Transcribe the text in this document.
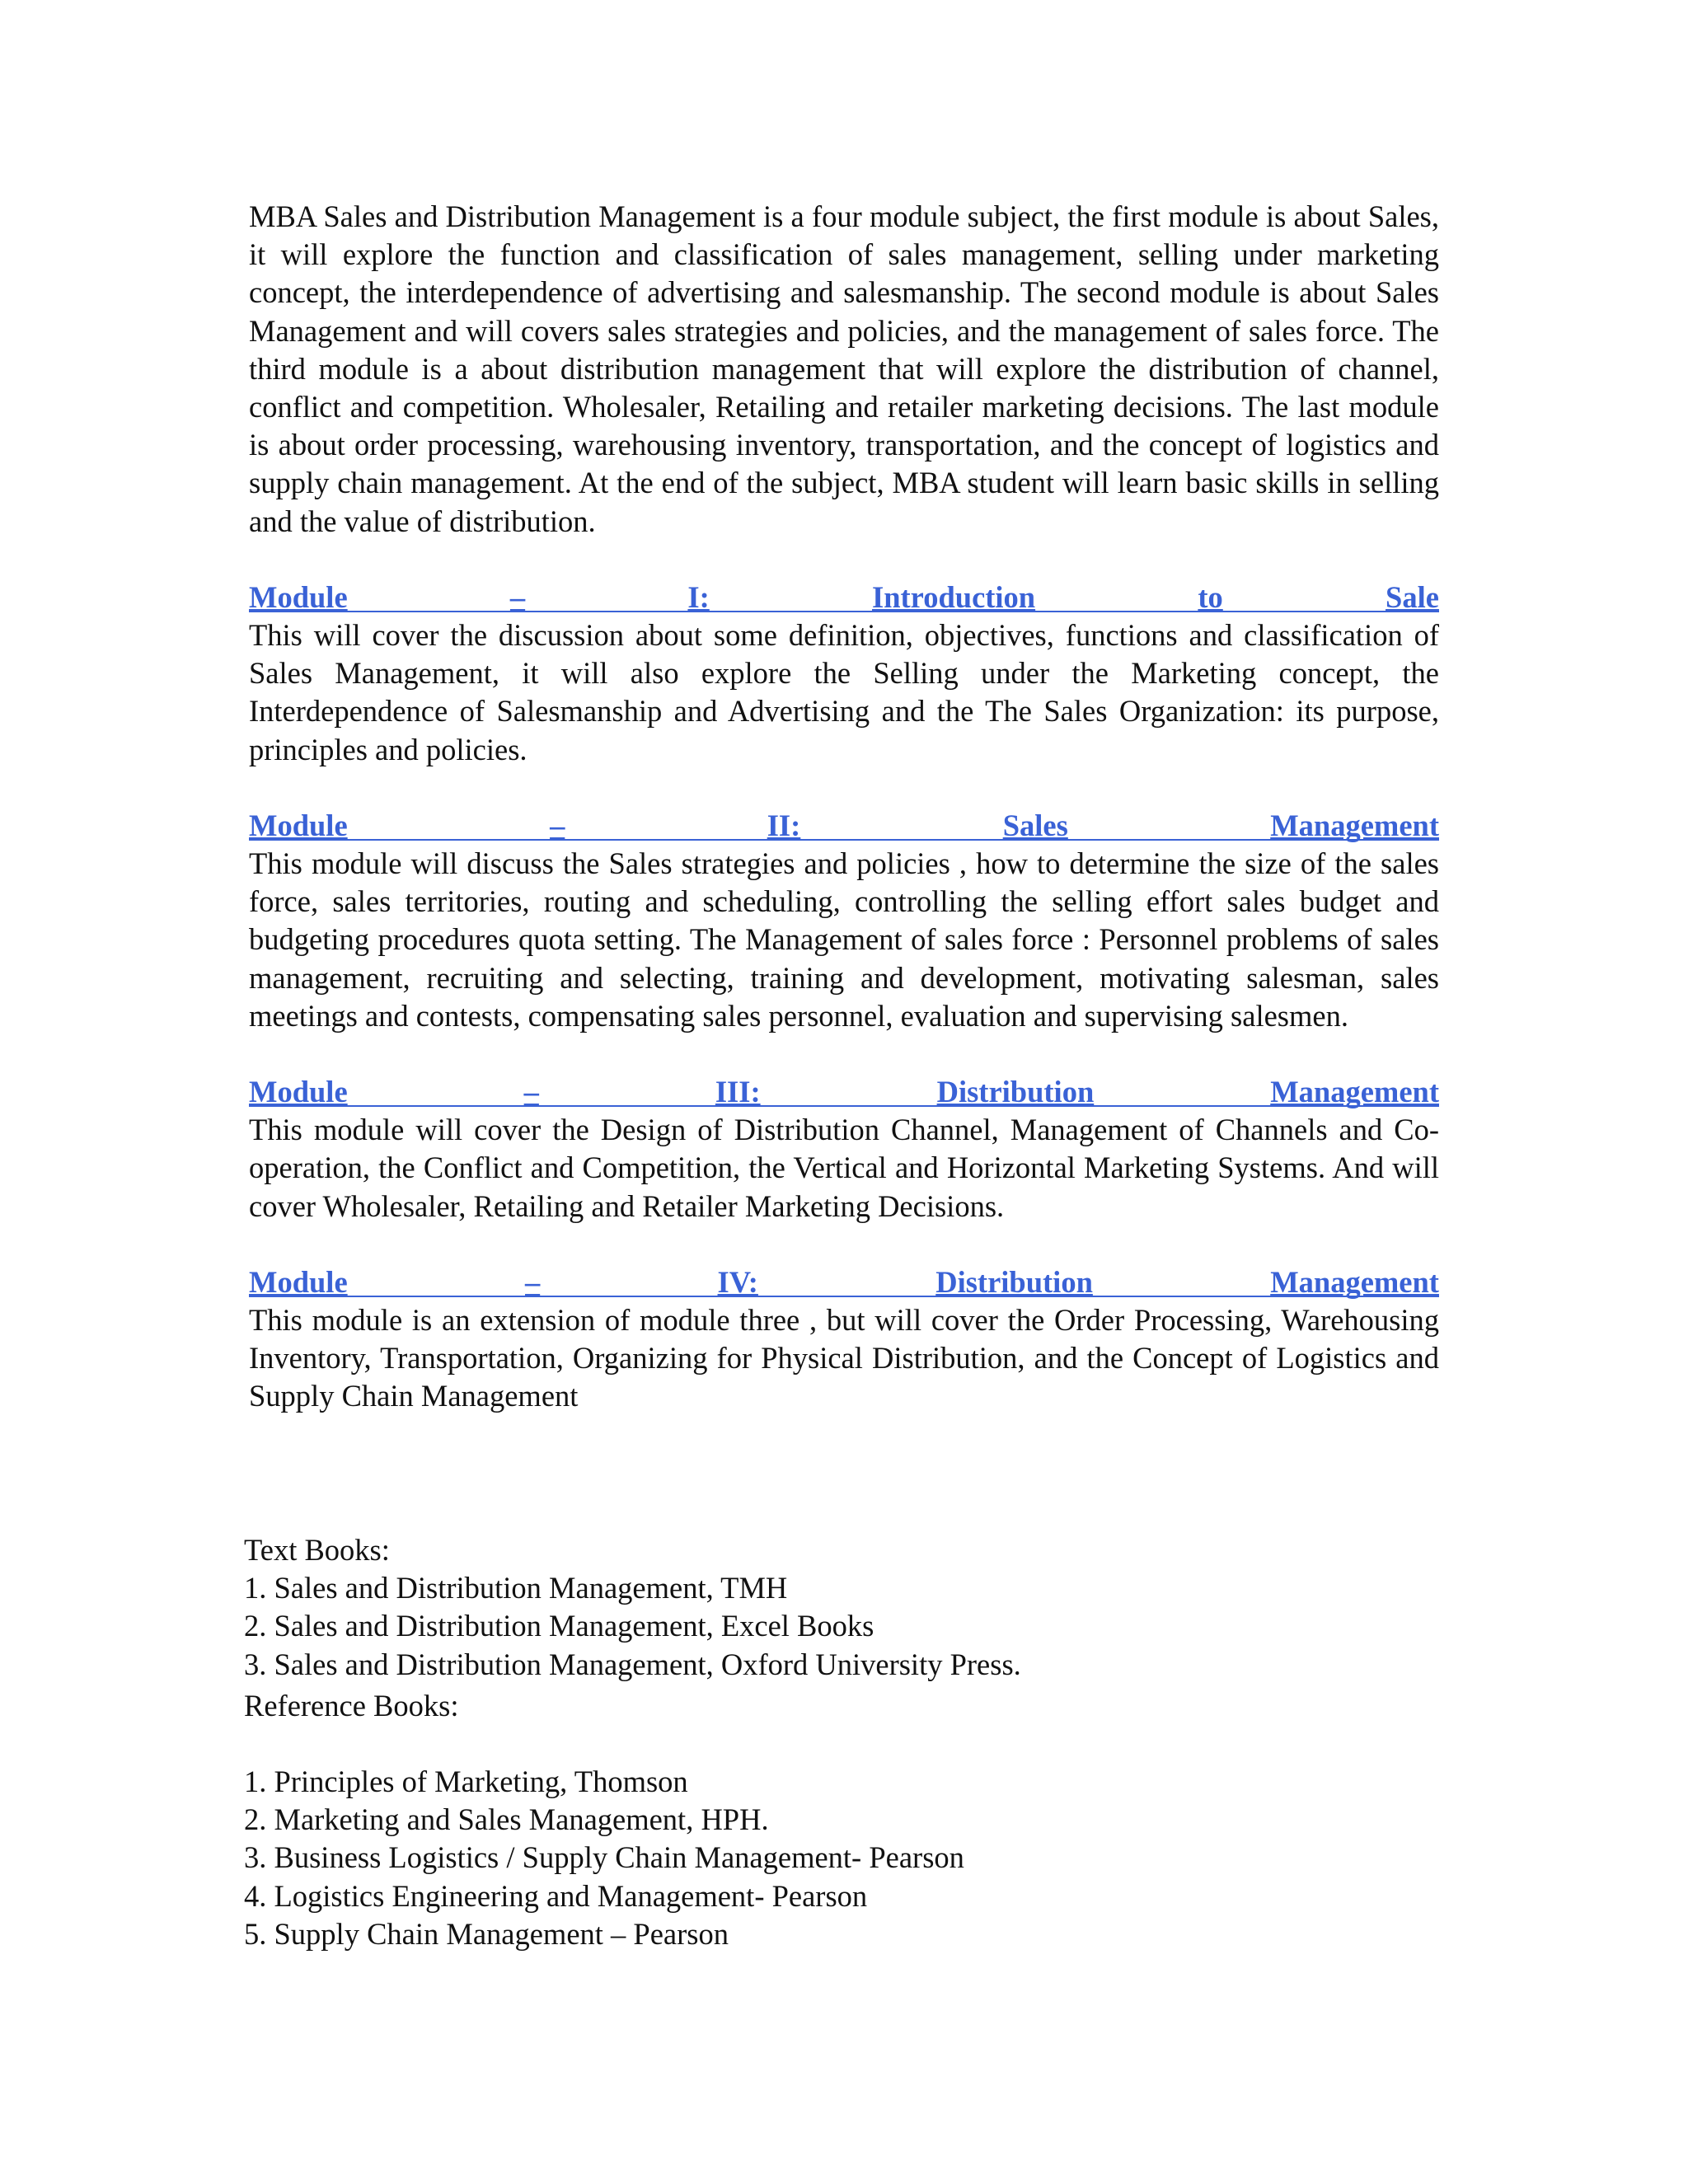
MBA Sales and Distribution Management is a four module subject, the first module is about Sales, it will explore the function and classification of sales management, selling under marketing concept, the interdependence of advertising and salesmanship. The second module is about Sales Management and will covers sales strategies and policies, and the management of sales force. The third module is a about distribution management that will explore the distribution of channel, conflict and competition. Wholesaler, Retailing and retailer marketing decisions. The last module is about order processing, warehousing inventory, transportation, and the concept of logistics and supply chain management. At the end of the subject, MBA student will learn basic skills in selling and the value of distribution.

Module	–	I:	Introduction	to	Sale

This will cover the discussion about some definition, objectives, functions and classification of Sales Management, it will also explore the Selling under the Marketing concept, the Interdependence of Salesmanship and Advertising and the The Sales Organization: its purpose, principles and policies.

Module	–	II:	Sales	Management

This module will discuss the Sales strategies and policies , how to determine the size of the sales force, sales territories, routing and scheduling, controlling the selling effort sales budget and budgeting procedures quota setting. The Management of sales force : Personnel problems of sales management, recruiting and selecting, training and development, motivating salesman, sales meetings and contests, compensating sales personnel, evaluation and supervising salesmen.

Module	–	III:	Distribution	Management

This module will cover the Design of Distribution Channel, Management of Channels and Co-operation, the Conflict and Competition, the Vertical and Horizontal Marketing Systems. And will cover Wholesaler, Retailing and Retailer Marketing Decisions.

Module	–	IV:	Distribution	Management

This module is an extension of module three , but will cover the Order Processing, Warehousing Inventory, Transportation, Organizing for Physical Distribution, and the Concept of Logistics and Supply Chain Management

Text Books:
1. Sales and Distribution Management, TMH
2. Sales and Distribution Management, Excel Books
3. Sales and Distribution Management, Oxford University Press.
Reference Books:
1. Principles of Marketing, Thomson
2. Marketing and Sales Management, HPH.
3. Business Logistics / Supply Chain Management- Pearson
4. Logistics Engineering and Management- Pearson
5. Supply Chain Management – Pearson
